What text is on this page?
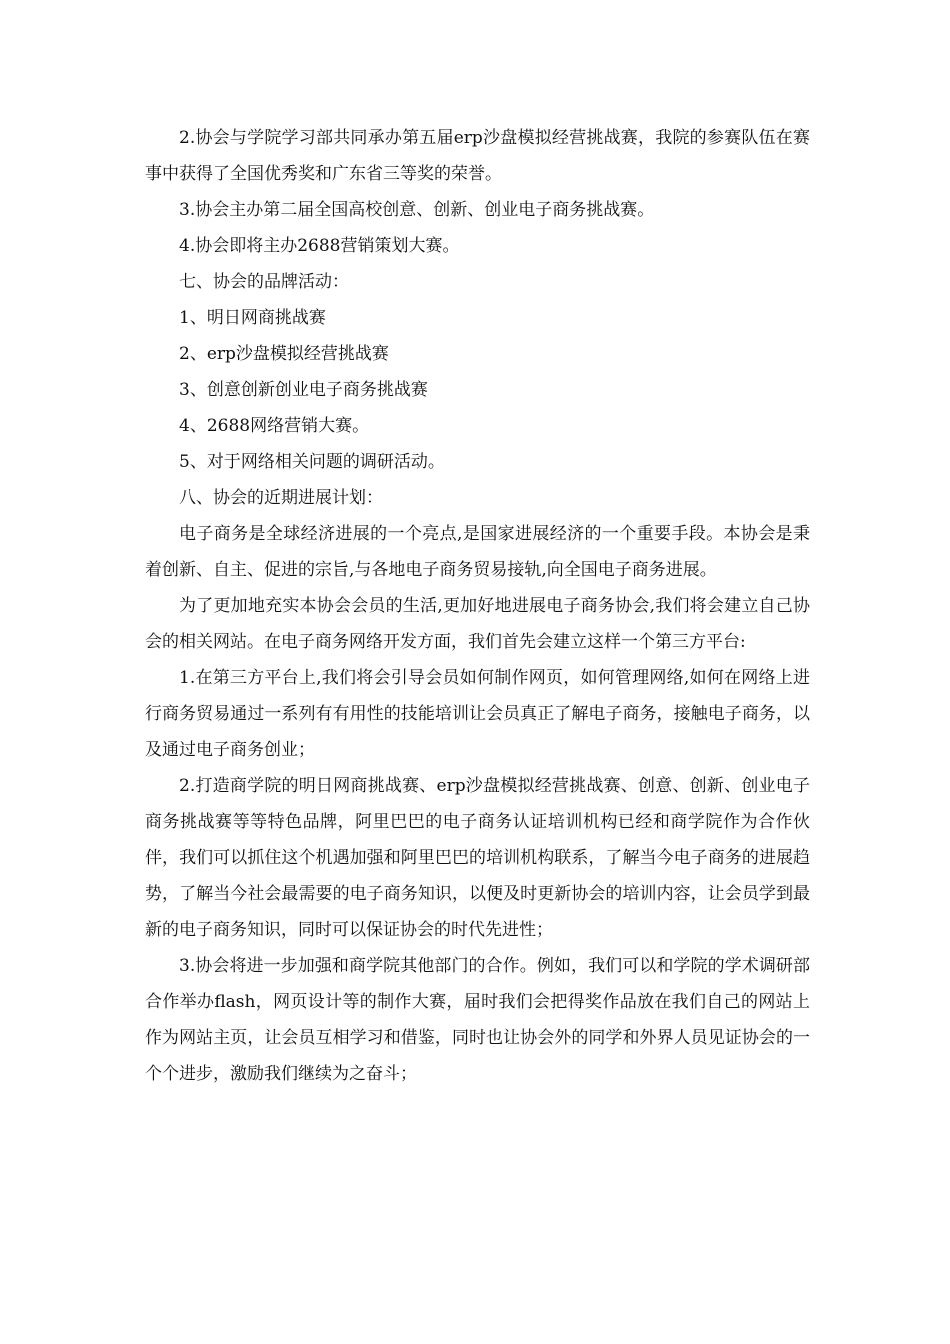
2.协会与学院学习部共同承办第五届erp沙盘模拟经营挑战赛，我院的参赛队伍在赛事中获得了全国优秀奖和广东省三等奖的荣誉。

3.协会主办第二届全国高校创意、创新、创业电子商务挑战赛。

4.协会即将主办2688营销策划大赛。

七、协会的品牌活动：

1、明日网商挑战赛

2、erp沙盘模拟经营挑战赛

3、创意创新创业电子商务挑战赛

4、2688网络营销大赛。

5、对于网络相关问题的调研活动。

八、协会的近期进展计划：

电子商务是全球经济进展的一个亮点,是国家进展经济的一个重要手段。本协会是秉着创新、自主、促进的宗旨,与各地电子商务贸易接轨,向全国电子商务进展。

为了更加地充实本协会会员的生活,更加好地进展电子商务协会,我们将会建立自己协会的相关网站。在电子商务网络开发方面，我们首先会建立这样一个第三方平台:

1.在第三方平台上,我们将会引导会员如何制作网页，如何管理网络,如何在网络上进行商务贸易通过一系列有有用性的技能培训让会员真正了解电子商务，接触电子商务，以及通过电子商务创业；

2.打造商学院的明日网商挑战赛、erp沙盘模拟经营挑战赛、创意、创新、创业电子商务挑战赛等等特色品牌，阿里巴巴的电子商务认证培训机构已经和商学院作为合作伙伴，我们可以抓住这个机遇加强和阿里巴巴的培训机构联系，了解当今电子商务的进展趋势，了解当今社会最需要的电子商务知识，以便及时更新协会的培训内容，让会员学到最新的电子商务知识，同时可以保证协会的时代先进性；

3.协会将进一步加强和商学院其他部门的合作。例如，我们可以和学院的学术调研部合作举办flash，网页设计等的制作大赛，届时我们会把得奖作品放在我们自己的网站上作为网站主页，让会员互相学习和借鉴，同时也让协会外的同学和外界人员见证协会的一个个进步，激励我们继续为之奋斗；
